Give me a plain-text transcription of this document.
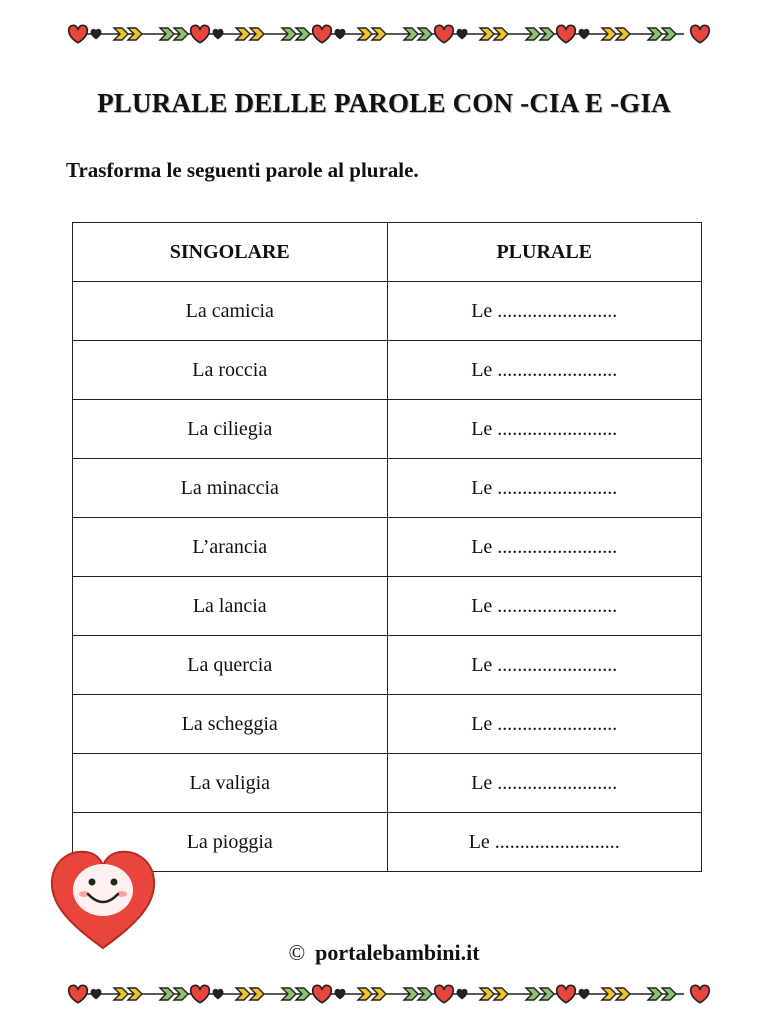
PLURALE DELLE PAROLE CON -CIA E -GIA
Trasforma le seguenti parole al plurale.
SINGOLARE	PLURALE
La camicia	Le ........................
La roccia	Le ........................
La ciliegia	Le ........................
La minaccia	Le ........................
L’arancia	Le ........................
La lancia	Le ........................
La quercia	Le ........................
La scheggia	Le ........................
La valigia	Le ........................
La pioggia	Le .........................
© portalebambini.it
